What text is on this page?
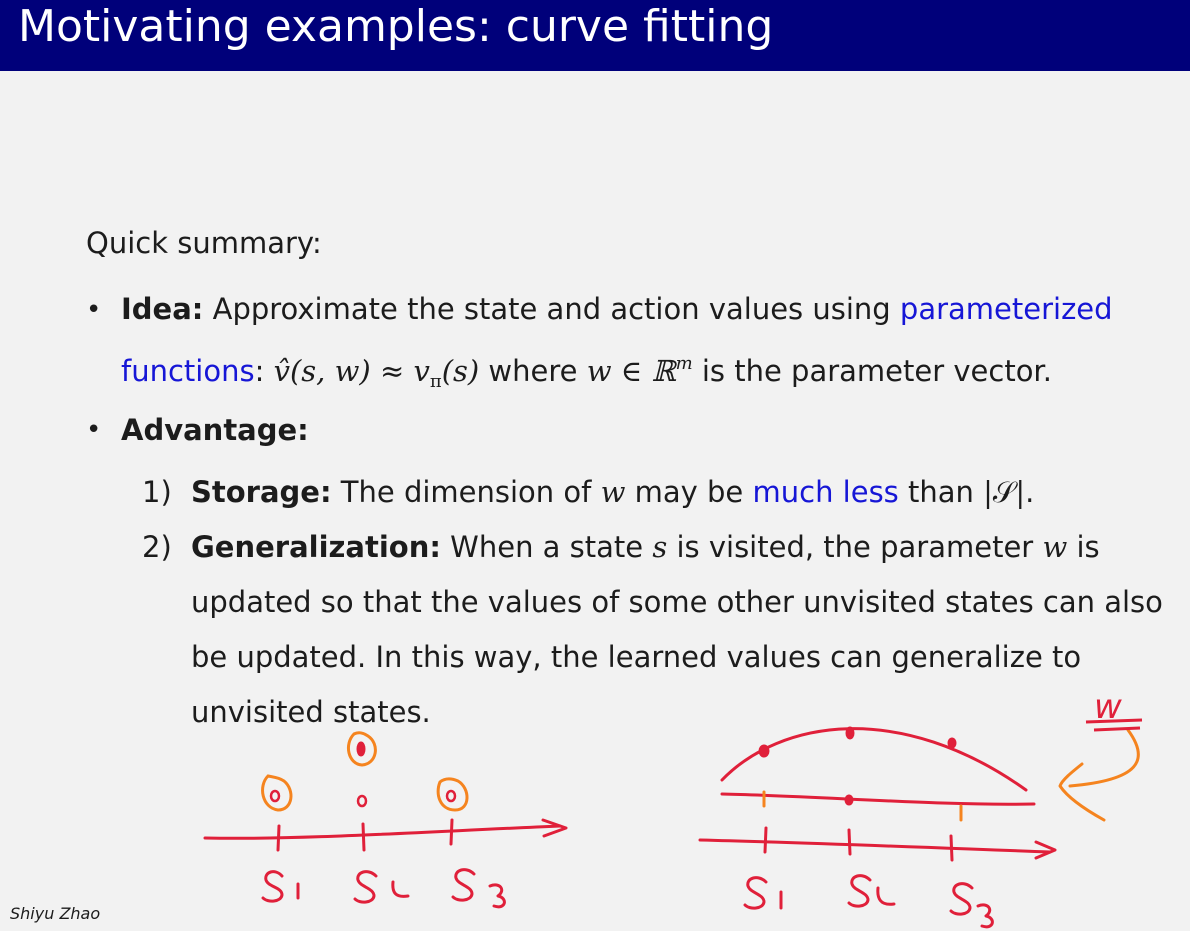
Motivating examples: curve fitting
Quick summary:
• Idea: Approximate the state and action values using parameterized
functions: v̂(s, $w) \approx v_\pi(s)$ where w ∈ ℝ$^m$ is the parameter vector.
• Advantage:
1) Storage: The dimension of w may be much less than |𝒮|.
2) Generalization: When a state s is visited, the parameter w is
updated so that the values of some other unvisited states can also
be updated. In this way, the learned values can generalize to
unvisited states.	w
Shiyu Zhao
